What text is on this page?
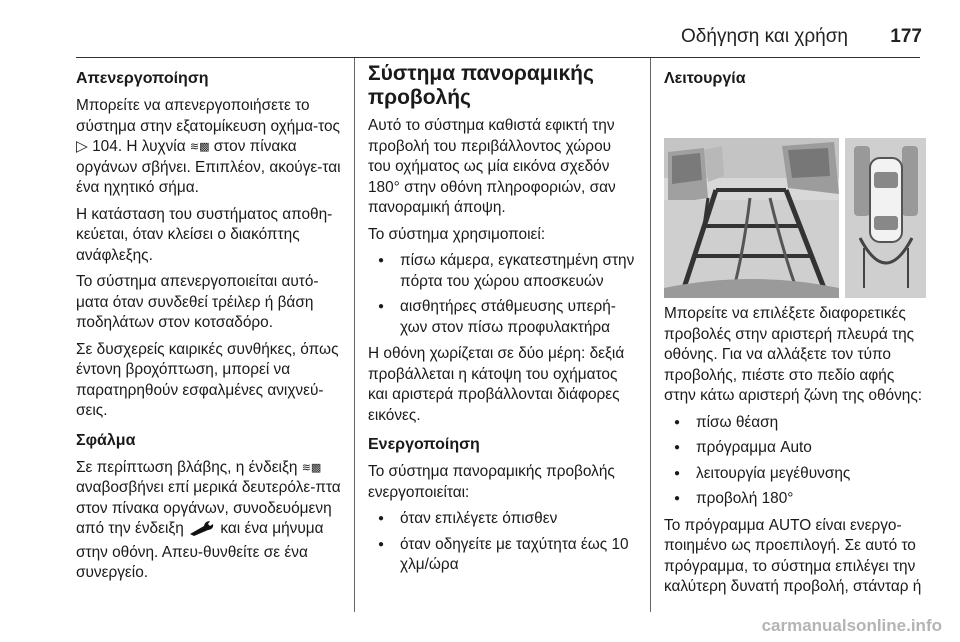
Οδήγηση και χρήση 177
Απενεργοποίηση

Μπορείτε να απενεργοποιήσετε το σύστημα στην εξατομίκευση οχήμα-τος ▷ 104. Η λυχνία ≋▩ στον πίνακα οργάνων σβήνει. Επιπλέον, ακούγε-ται ένα ηχητικό σήμα.

Η κατάσταση του συστήματος αποθη-κεύεται, όταν κλείσει ο διακόπτης ανάφλεξης.

Το σύστημα απενεργοποιείται αυτό-ματα όταν συνδεθεί τρέιλερ ή βάση ποδηλάτων στον κοτσαδόρο.

Σε δυσχερείς καιρικές συνθήκες, όπως έντονη βροχόπτωση, μπορεί να παρατηρηθούν εσφαλμένες ανιχνεύ-σεις.

Σφάλμα

Σε περίπτωση βλάβης, η ένδειξη ≋▩ αναβοσβήνει επί μερικά δευτερόλε-πτα στον πίνακα οργάνων, συνοδευόμενη από την ένδειξη  και ένα μήνυμα στην οθόνη. Απευ-θυνθείτε σε ένα συνεργείο.

Σύστημα πανοραμικής προβολής

Αυτό το σύστημα καθιστά εφικτή την προβολή του περιβάλλοντος χώρου του οχήματος ως μία εικόνα σχεδόν 180° στην οθόνη πληροφοριών, σαν πανοραμική άποψη.

Το σύστημα χρησιμοποιεί:

● πίσω κάμερα, εγκατεστημένη στην πόρτα του χώρου αποσκευών
● αισθητήρες στάθμευσης υπερή-χων στον πίσω προφυλακτήρα

Η οθόνη χωρίζεται σε δύο μέρη: δεξιά προβάλλεται η κάτοψη του οχήματος και αριστερά προβάλλονται διάφορες εικόνες.

Ενεργοποίηση

Το σύστημα πανοραμικής προβολής ενεργοποιείται:

● όταν επιλέγετε όπισθεν
● όταν οδηγείτε με ταχύτητα έως 10 χλμ/ώρα
Λειτουργία

Μπορείτε να επιλέξετε διαφορετικές προβολές στην αριστερή πλευρά της οθόνης. Για να αλλάξετε τον τύπο προβολής, πιέστε στο πεδίο αφής στην κάτω αριστερή ζώνη της οθόνης:

● πίσω θέαση
● πρόγραμμα Auto
● λειτουργία μεγέθυνσης
● προβολή 180°

Το πρόγραμμα AUTO είναι ενεργο-ποιημένο ως προεπιλογή. Σε αυτό το πρόγραμμα, το σύστημα επιλέγει την καλύτερη δυνατή προβολή, στάνταρ ή

carmanualsonline.info
